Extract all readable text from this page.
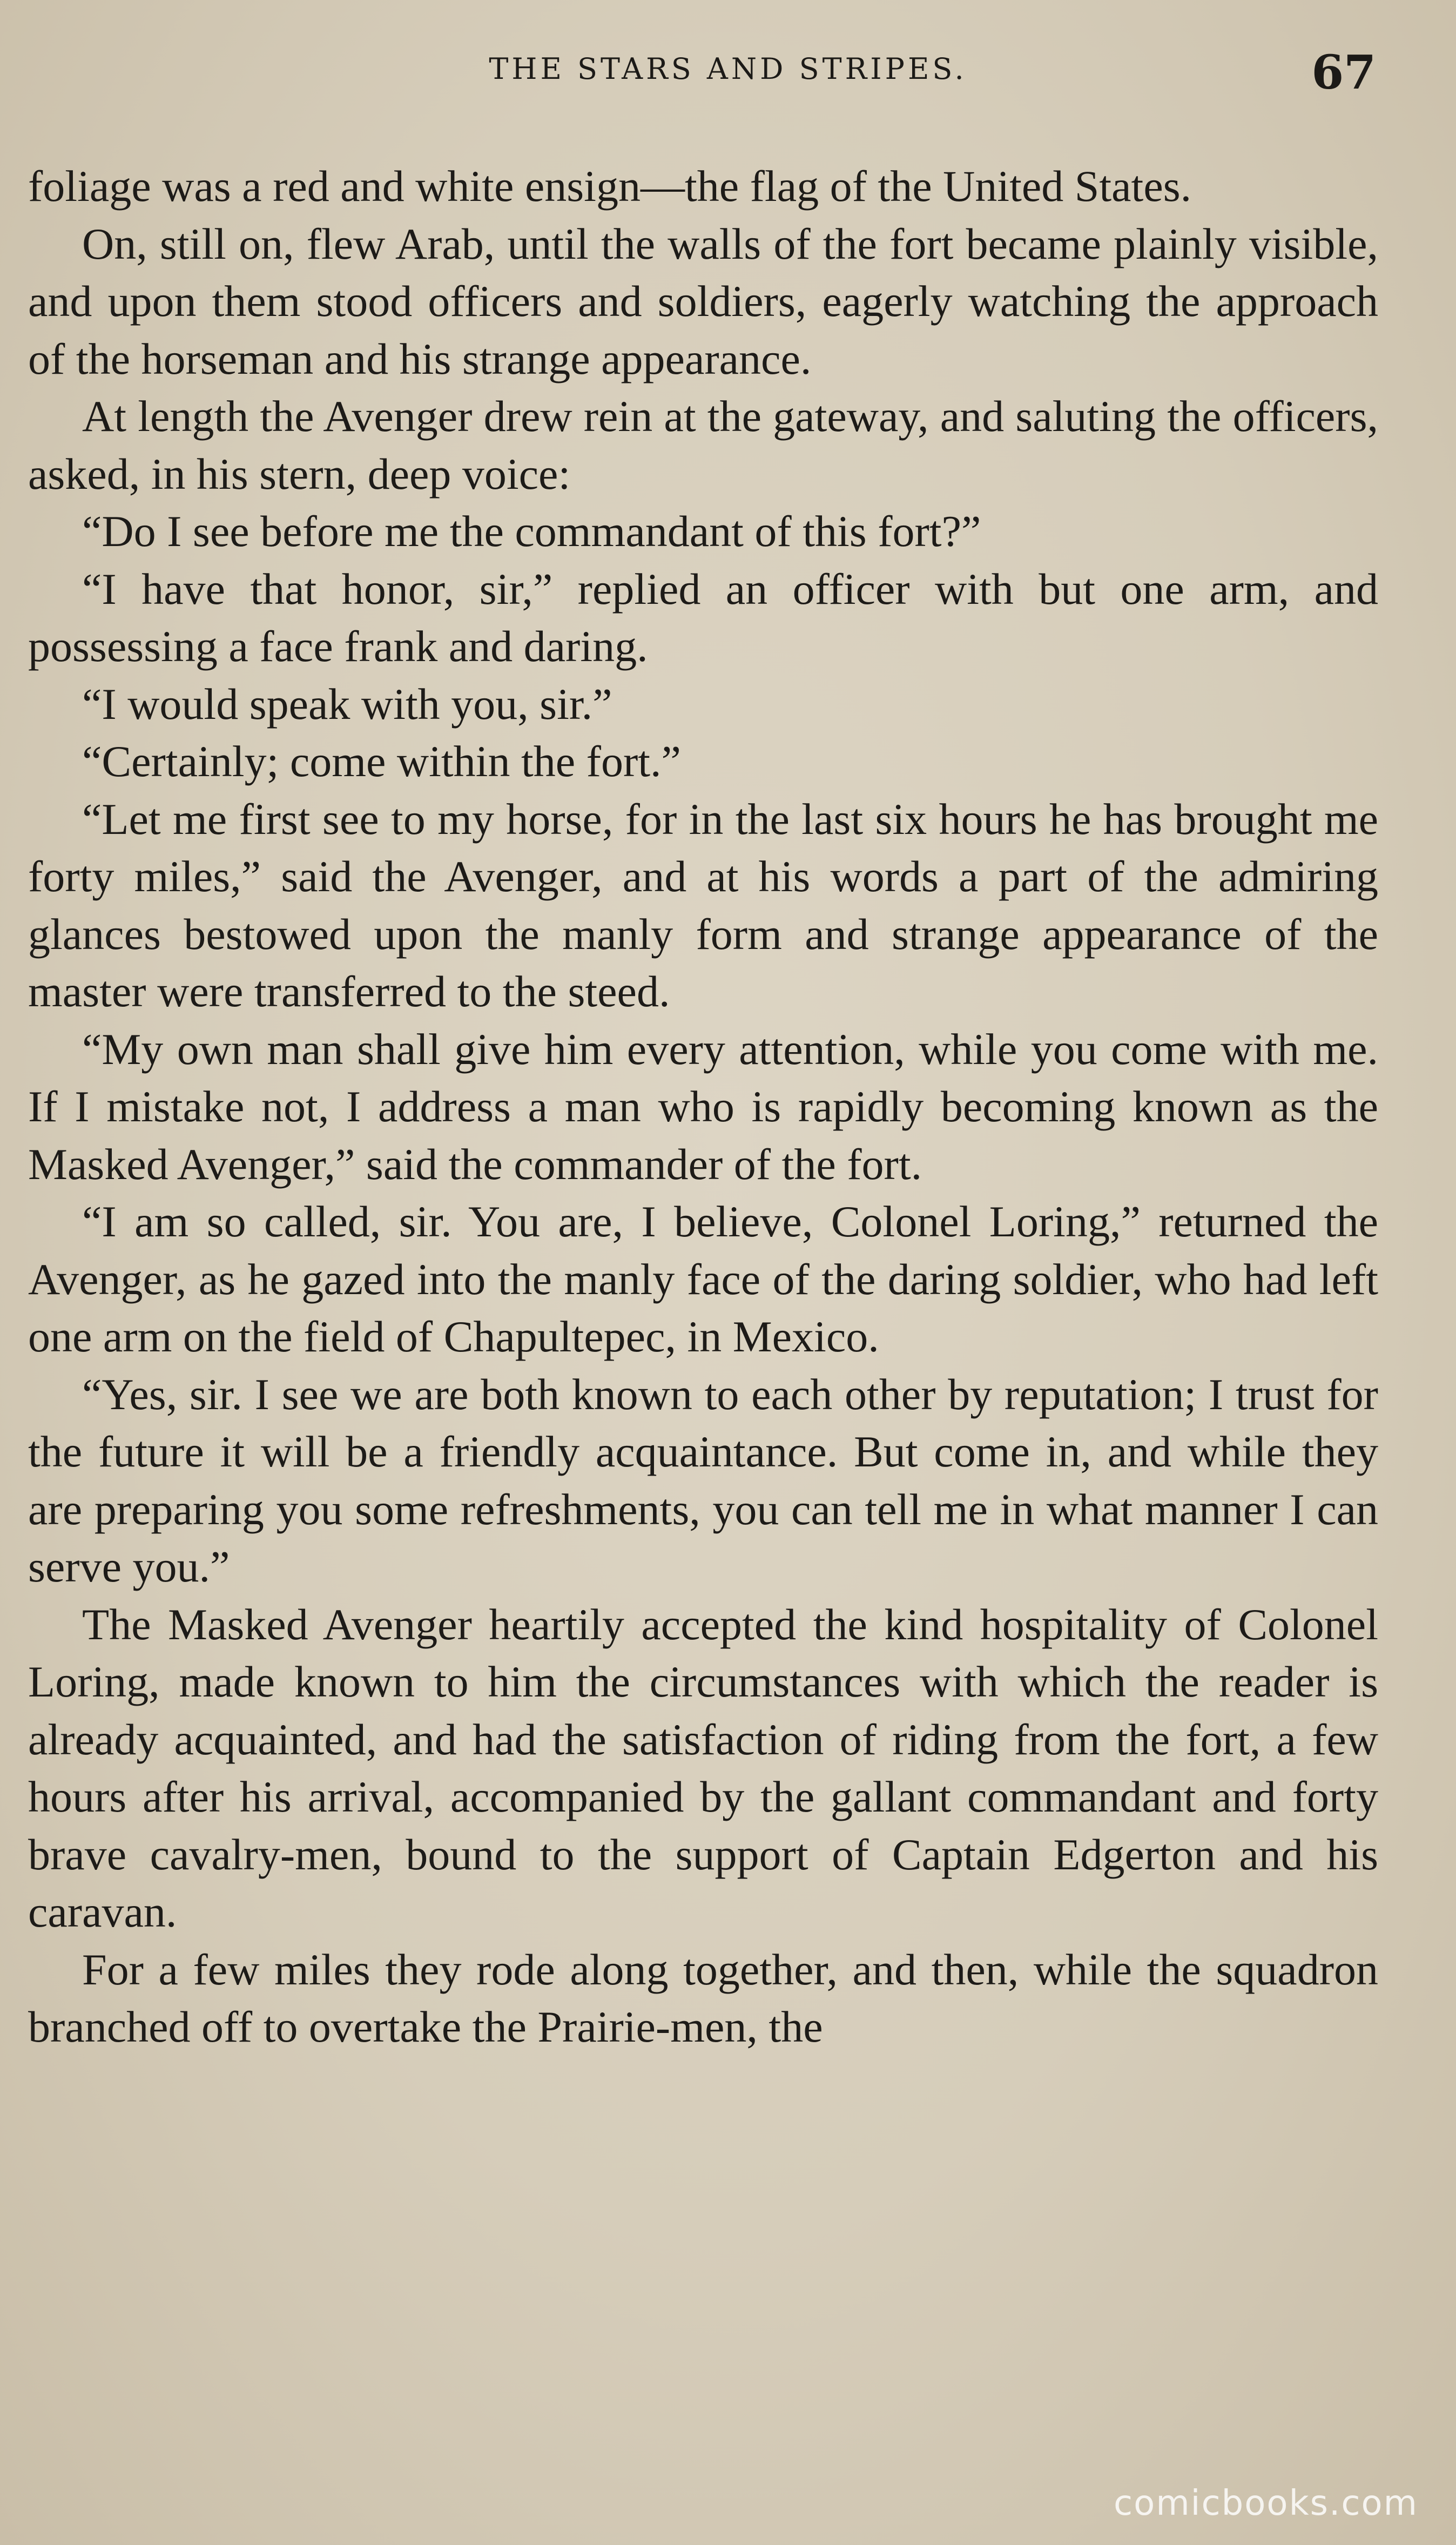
THE STARS AND STRIPES.	67

foliage was a red and white ensign—the flag of the United States.

On, still on, flew Arab, until the walls of the fort became plainly visible, and upon them stood officers and soldiers, eagerly watching the approach of the horseman and his strange appearance.

At length the Avenger drew rein at the gateway, and saluting the officers, asked, in his stern, deep voice:

“Do I see before me the commandant of this fort?”

“I have that honor, sir,” replied an officer with but one arm, and possessing a face frank and daring.

“I would speak with you, sir.”

“Certainly; come within the fort.”

“Let me first see to my horse, for in the last six hours he has brought me forty miles,” said the Avenger, and at his words a part of the admiring glances bestowed upon the manly form and strange appearance of the master were transferred to the steed.

“My own man shall give him every attention, while you come with me. If I mistake not, I address a man who is rapidly becoming known as the Masked Avenger,” said the commander of the fort.

“I am so called, sir. You are, I believe, Colonel Loring,” returned the Avenger, as he gazed into the manly face of the daring soldier, who had left one arm on the field of Chapultepec, in Mexico.

“Yes, sir. I see we are both known to each other by reputation; I trust for the future it will be a friendly acquaintance. But come in, and while they are preparing you some refreshments, you can tell me in what manner I can serve you.”

The Masked Avenger heartily accepted the kind hospitality of Colonel Loring, made known to him the circumstances with which the reader is already acquainted, and had the satisfaction of riding from the fort, a few hours after his arrival, accompanied by the gallant commandant and forty brave cavalry-men, bound to the support of Captain Edgerton and his caravan.

For a few miles they rode along together, and then, while the squadron branched off to overtake the Prairie-men, the

comicbooks.com
